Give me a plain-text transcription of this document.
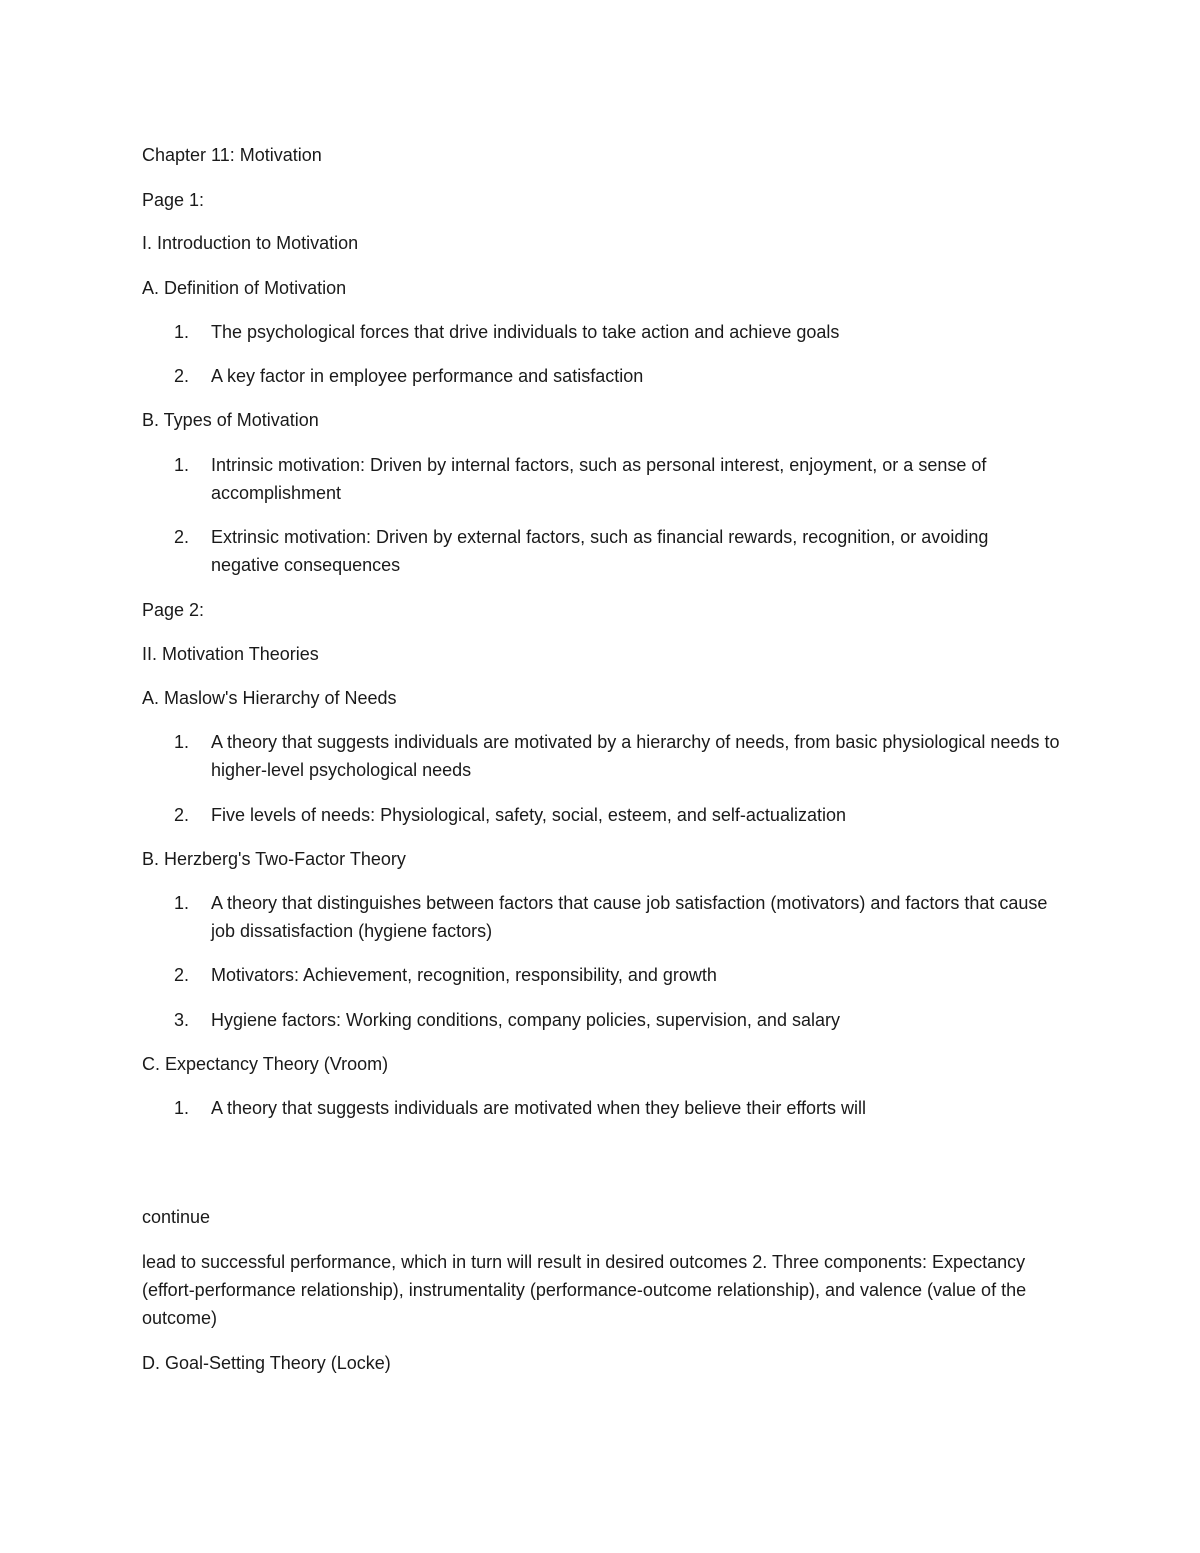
Chapter 11: Motivation

Page 1:

I. Introduction to Motivation

A. Definition of Motivation

1. The psychological forces that drive individuals to take action and achieve goals
2. A key factor in employee performance and satisfaction

B. Types of Motivation

1. Intrinsic motivation: Driven by internal factors, such as personal interest, enjoyment, or a sense of accomplishment
2. Extrinsic motivation: Driven by external factors, such as financial rewards, recognition, or avoiding negative consequences

Page 2:

II. Motivation Theories

A. Maslow's Hierarchy of Needs

1. A theory that suggests individuals are motivated by a hierarchy of needs, from basic physiological needs to higher-level psychological needs
2. Five levels of needs: Physiological, safety, social, esteem, and self-actualization

B. Herzberg's Two-Factor Theory

1. A theory that distinguishes between factors that cause job satisfaction (motivators) and factors that cause job dissatisfaction (hygiene factors)
2. Motivators: Achievement, recognition, responsibility, and growth
3. Hygiene factors: Working conditions, company policies, supervision, and salary

C. Expectancy Theory (Vroom)

1. A theory that suggests individuals are motivated when they believe their efforts will

continue

lead to successful performance, which in turn will result in desired outcomes 2. Three components: Expectancy (effort-performance relationship), instrumentality (performance-outcome relationship), and valence (value of the outcome)

D. Goal-Setting Theory (Locke)
